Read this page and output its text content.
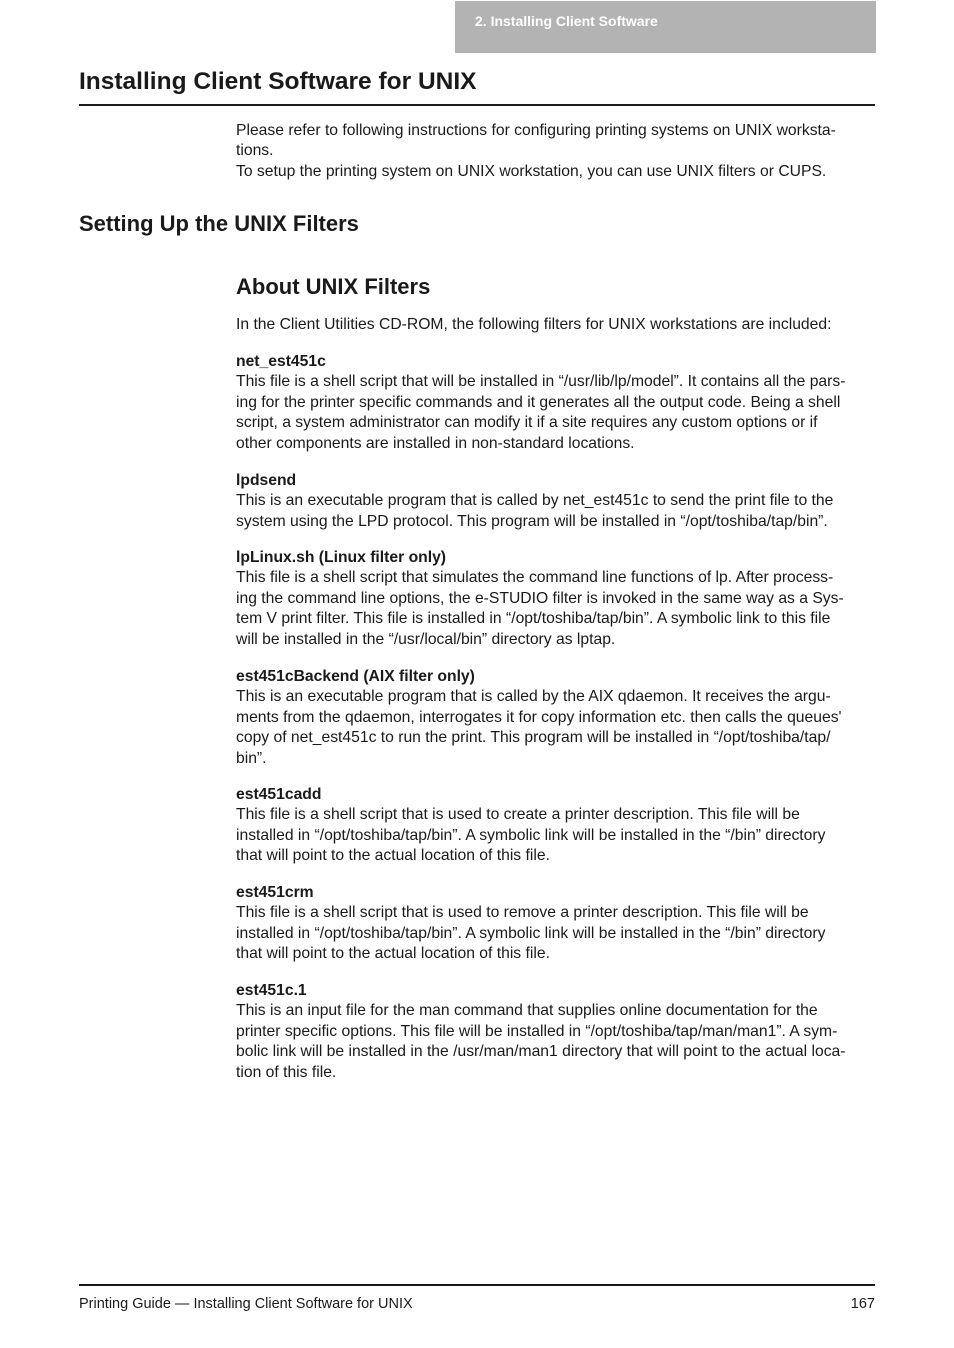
2. Installing Client Software
Installing Client Software for UNIX

Please refer to following instructions for configuring printing systems on UNIX worksta-

tions.

To setup the printing system on UNIX workstation, you can use UNIX filters or CUPS.

Setting Up the UNIX Filters
About UNIX Filters

In the Client Utilities CD-ROM, the following filters for UNIX workstations are included:

net_est451c

This file is a shell script that will be installed in “/usr/lib/lp/model”. It contains all the pars-

ing for the printer specific commands and it generates all the output code. Being a shell

script, a system administrator can modify it if a site requires any custom options or if

other components are installed in non-standard locations.

lpdsend

This is an executable program that is called by net_est451c to send the print file to the

system using the LPD protocol. This program will be installed in “/opt/toshiba/tap/bin”.

lpLinux.sh (Linux filter only)

This file is a shell script that simulates the command line functions of lp. After process-

ing the command line options, the e-STUDIO filter is invoked in the same way as a Sys-

tem V print filter. This file is installed in “/opt/toshiba/tap/bin”. A symbolic link to this file

will be installed in the “/usr/local/bin” directory as lptap.

est451cBackend (AIX filter only)

This is an executable program that is called by the AIX qdaemon. It receives the argu-

ments from the qdaemon, interrogates it for copy information etc. then calls the queues'

copy of net_est451c to run the print. This program will be installed in “/opt/toshiba/tap/

bin”.

est451cadd

This file is a shell script that is used to create a printer description. This file will be

installed in “/opt/toshiba/tap/bin”. A symbolic link will be installed in the “/bin” directory

that will point to the actual location of this file.

est451crm

This file is a shell script that is used to remove a printer description. This file will be

installed in “/opt/toshiba/tap/bin”. A symbolic link will be installed in the “/bin” directory

that will point to the actual location of this file.

est451c.1

This is an input file for the man command that supplies online documentation for the

printer specific options. This file will be installed in “/opt/toshiba/tap/man/man1”. A sym-

bolic link will be installed in the /usr/man/man1 directory that will point to the actual loca-

tion of this file.

Printing Guide — Installing Client Software for UNIX	167
